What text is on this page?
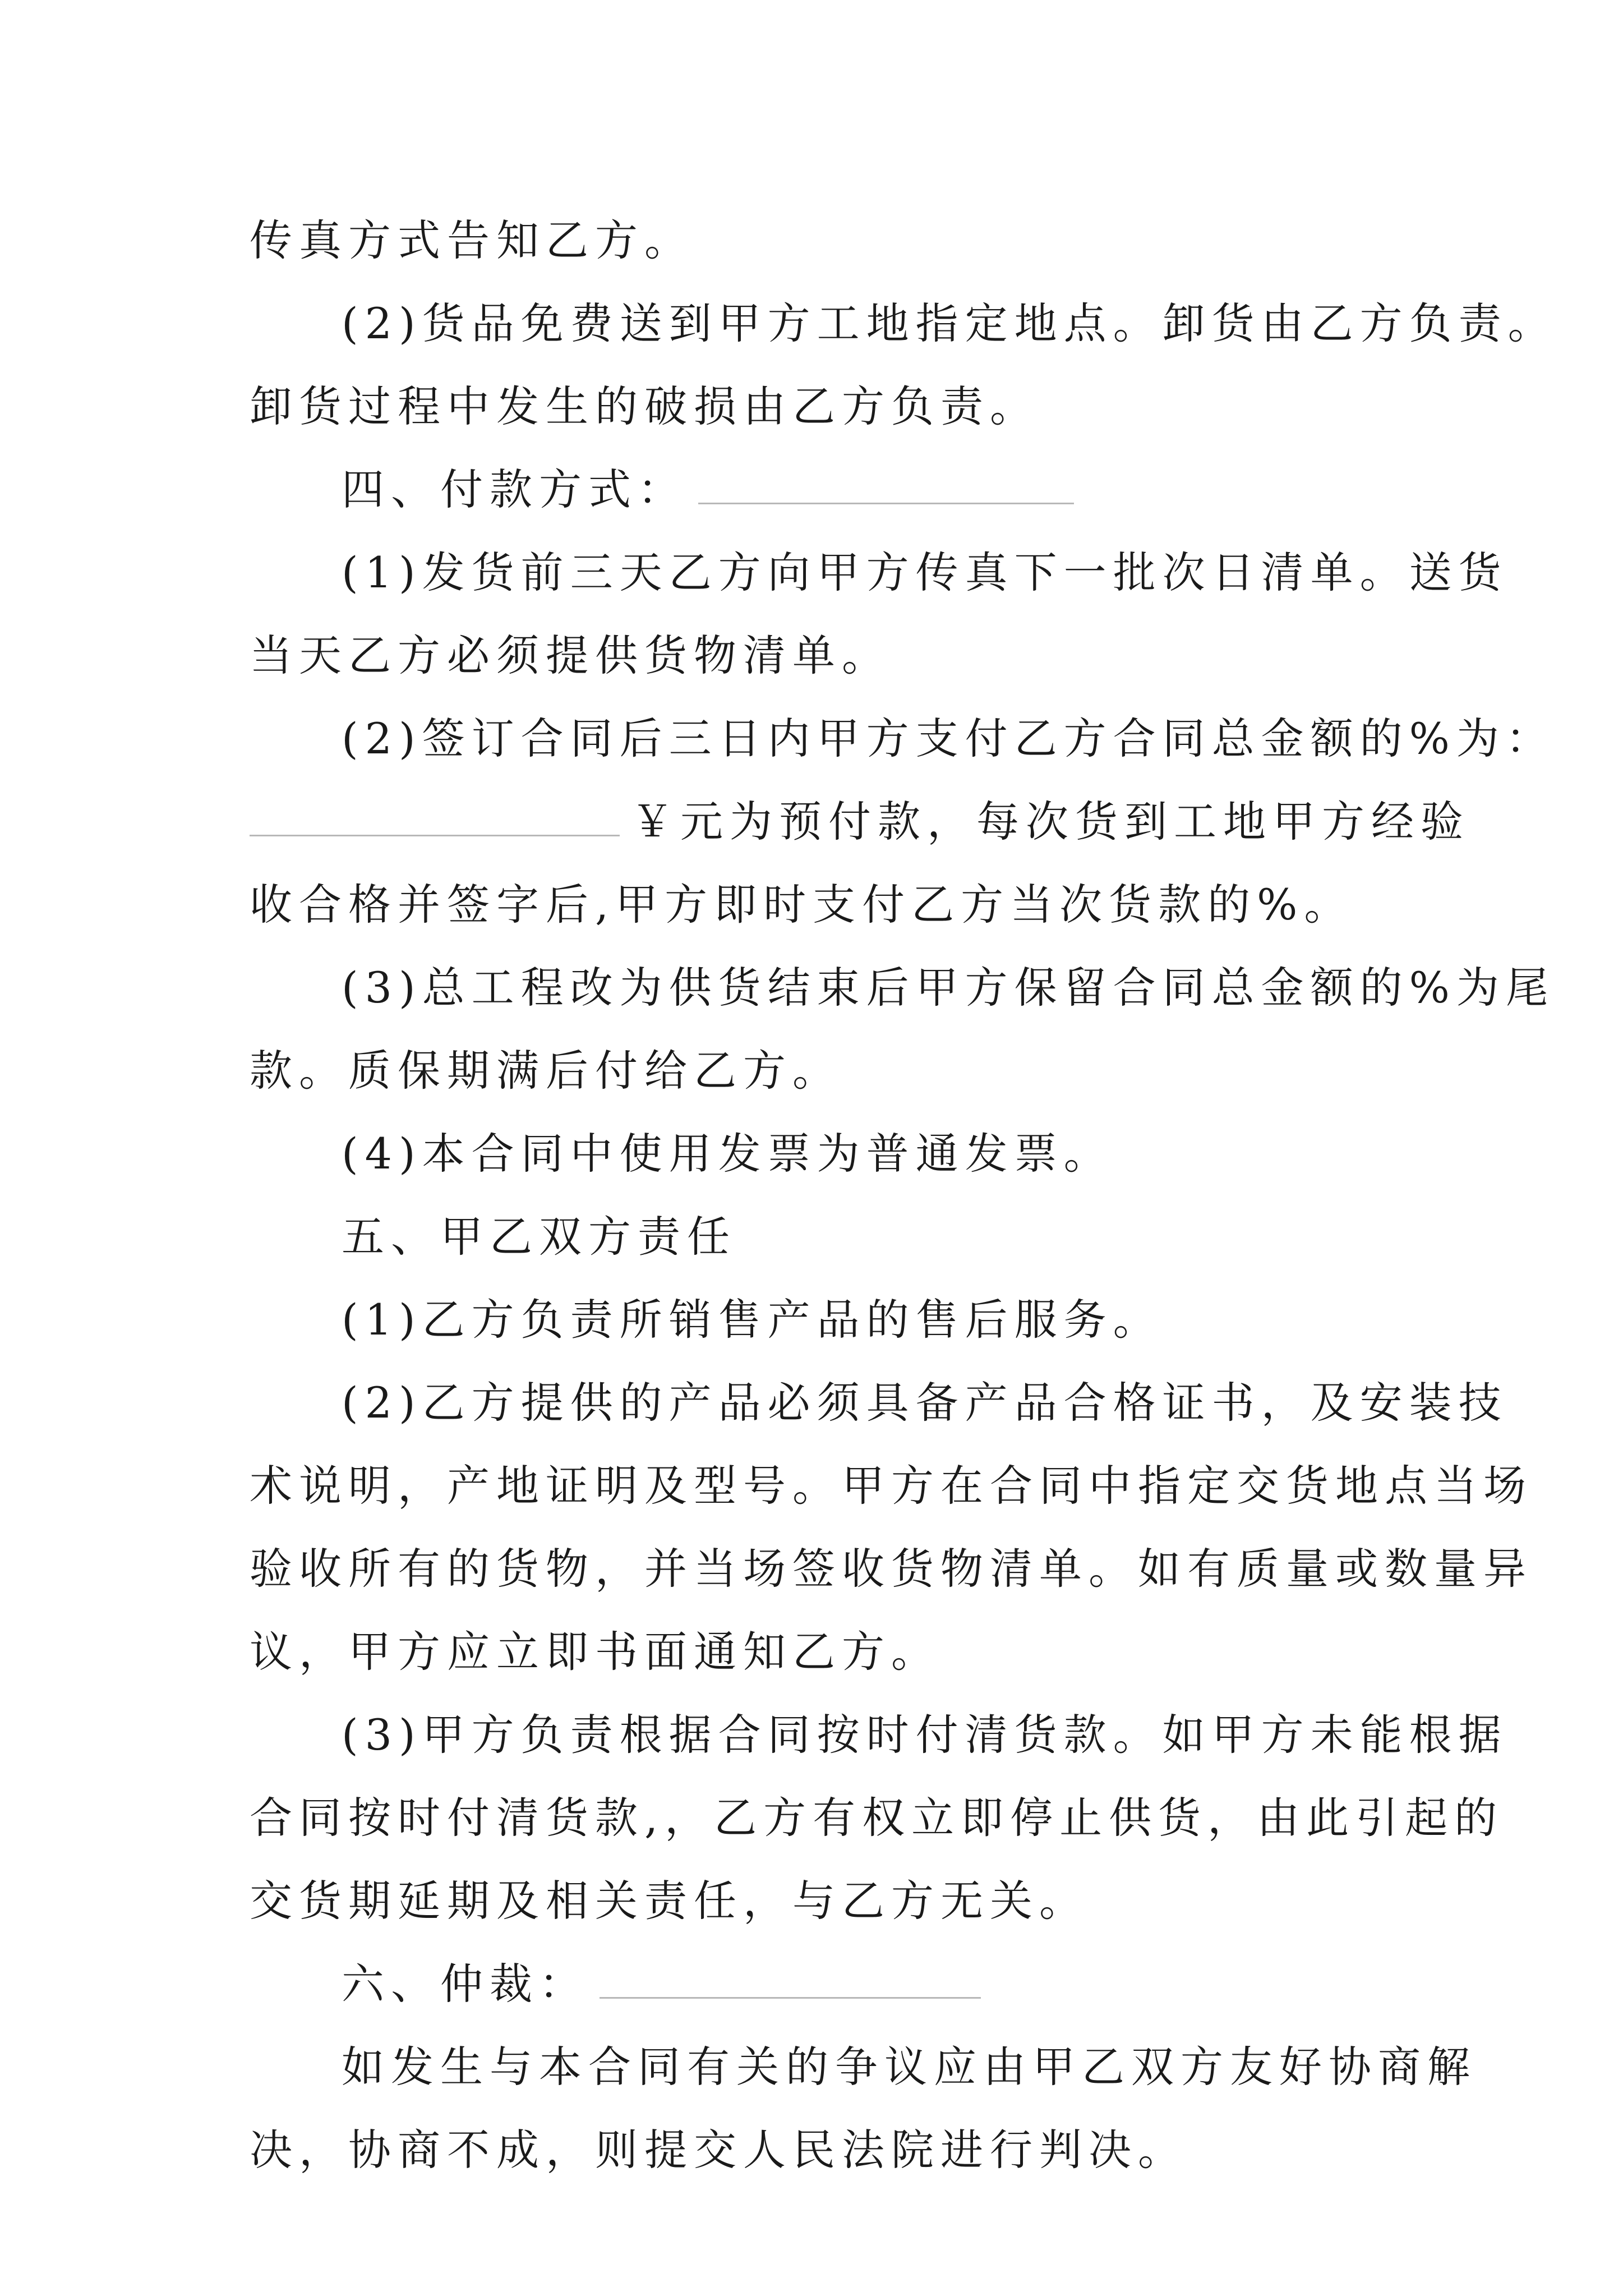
传真方式告知乙方。
(2)货品免费送到甲方工地指定地点。卸货由乙方负责。
卸货过程中发生的破损由乙方负责。
四、付款方式：
(1)发货前三天乙方向甲方传真下一批次日清单。送货
当天乙方必须提供货物清单。
(2)签订合同后三日内甲方支付乙方合同总金额的%为：
￥元为预付款，每次货到工地甲方经验
收合格并签字后,甲方即时支付乙方当次货款的%。
(3)总工程改为供货结束后甲方保留合同总金额的%为尾
款。质保期满后付给乙方。
(4)本合同中使用发票为普通发票。
五、甲乙双方责任
(1)乙方负责所销售产品的售后服务。
(2)乙方提供的产品必须具备产品合格证书，及安装技
术说明，产地证明及型号。甲方在合同中指定交货地点当场
验收所有的货物，并当场签收货物清单。如有质量或数量异
议，甲方应立即书面通知乙方。
(3)甲方负责根据合同按时付清货款。如甲方未能根据
合同按时付清货款,，乙方有权立即停止供货，由此引起的
交货期延期及相关责任，与乙方无关。
六、仲裁：
如发生与本合同有关的争议应由甲乙双方友好协商解
决，协商不成，则提交人民法院进行判决。
